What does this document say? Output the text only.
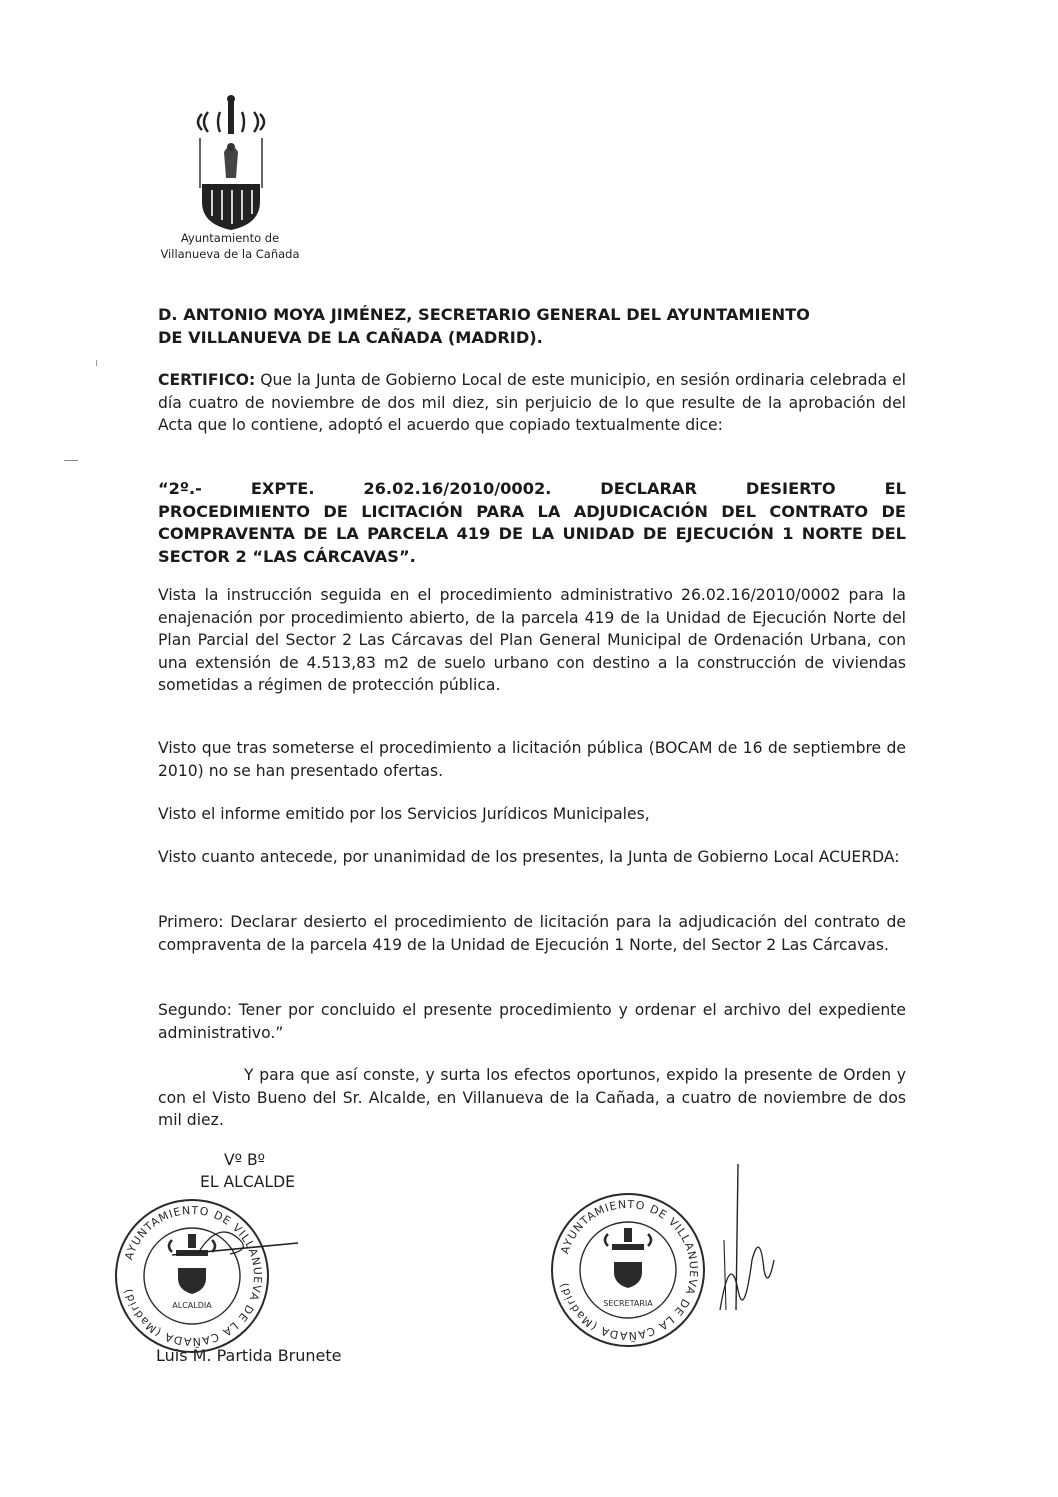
Ayuntamiento de
Villanueva de la Cañada
D. ANTONIO MOYA JIMÉNEZ, SECRETARIO GENERAL DEL AYUNTAMIENTO
DE VILLANUEVA DE LA CAÑADA (MADRID).
CERTIFICO: Que la Junta de Gobierno Local de este municipio, en sesión ordinaria celebrada el día cuatro de noviembre de dos mil diez, sin perjuicio de lo que resulte de la aprobación del Acta que lo contiene, adoptó el acuerdo que copiado textualmente dice:
“2º.-	EXPTE.	26.02.16/2010/0002.	DECLARAR	DESIERTO	EL
PROCEDIMIENTO DE LICITACIÓN PARA LA ADJUDICACIÓN DEL CONTRATO DE COMPRAVENTA DE LA PARCELA 419 DE LA UNIDAD DE EJECUCIÓN 1 NORTE DEL SECTOR 2 “LAS CÁRCAVAS”.
Vista la instrucción seguida en el procedimiento administrativo 26.02.16/2010/0002 para la enajenación por procedimiento abierto, de la parcela 419 de la Unidad de Ejecución Norte del Plan Parcial del Sector 2 Las Cárcavas del Plan General Municipal de Ordenación Urbana, con una extensión de 4.513,83 m2 de suelo urbano con destino a la construcción de viviendas sometidas a régimen de protección pública.
Visto que tras someterse el procedimiento a licitación pública (BOCAM de 16 de septiembre de 2010) no se han presentado ofertas.
Visto el informe emitido por los Servicios Jurídicos Municipales,
Visto cuanto antecede, por unanimidad de los presentes, la Junta de Gobierno Local ACUERDA:
Primero: Declarar desierto el procedimiento de licitación para la adjudicación del contrato de compraventa de la parcela 419 de la Unidad de Ejecución 1 Norte, del Sector 2 Las Cárcavas.
Segundo: Tener por concluido el presente procedimiento y ordenar el archivo del expediente administrativo.”
Y para que así conste, y surta los efectos oportunos, expido la presente de Orden y con el Visto Bueno del Sr. Alcalde, en Villanueva de la Cañada, a cuatro de noviembre de dos mil diez.
Vº Bº
EL ALCALDE
Luis M. Partida Brunete
AYUNTAMIENTO DE VILLANUEVA DE LA CAÑADA (Madrid)
ALCALDIA
AYUNTAMIENTO DE VILLANUEVA DE LA CAÑADA (Madrid)
SECRETARIA
